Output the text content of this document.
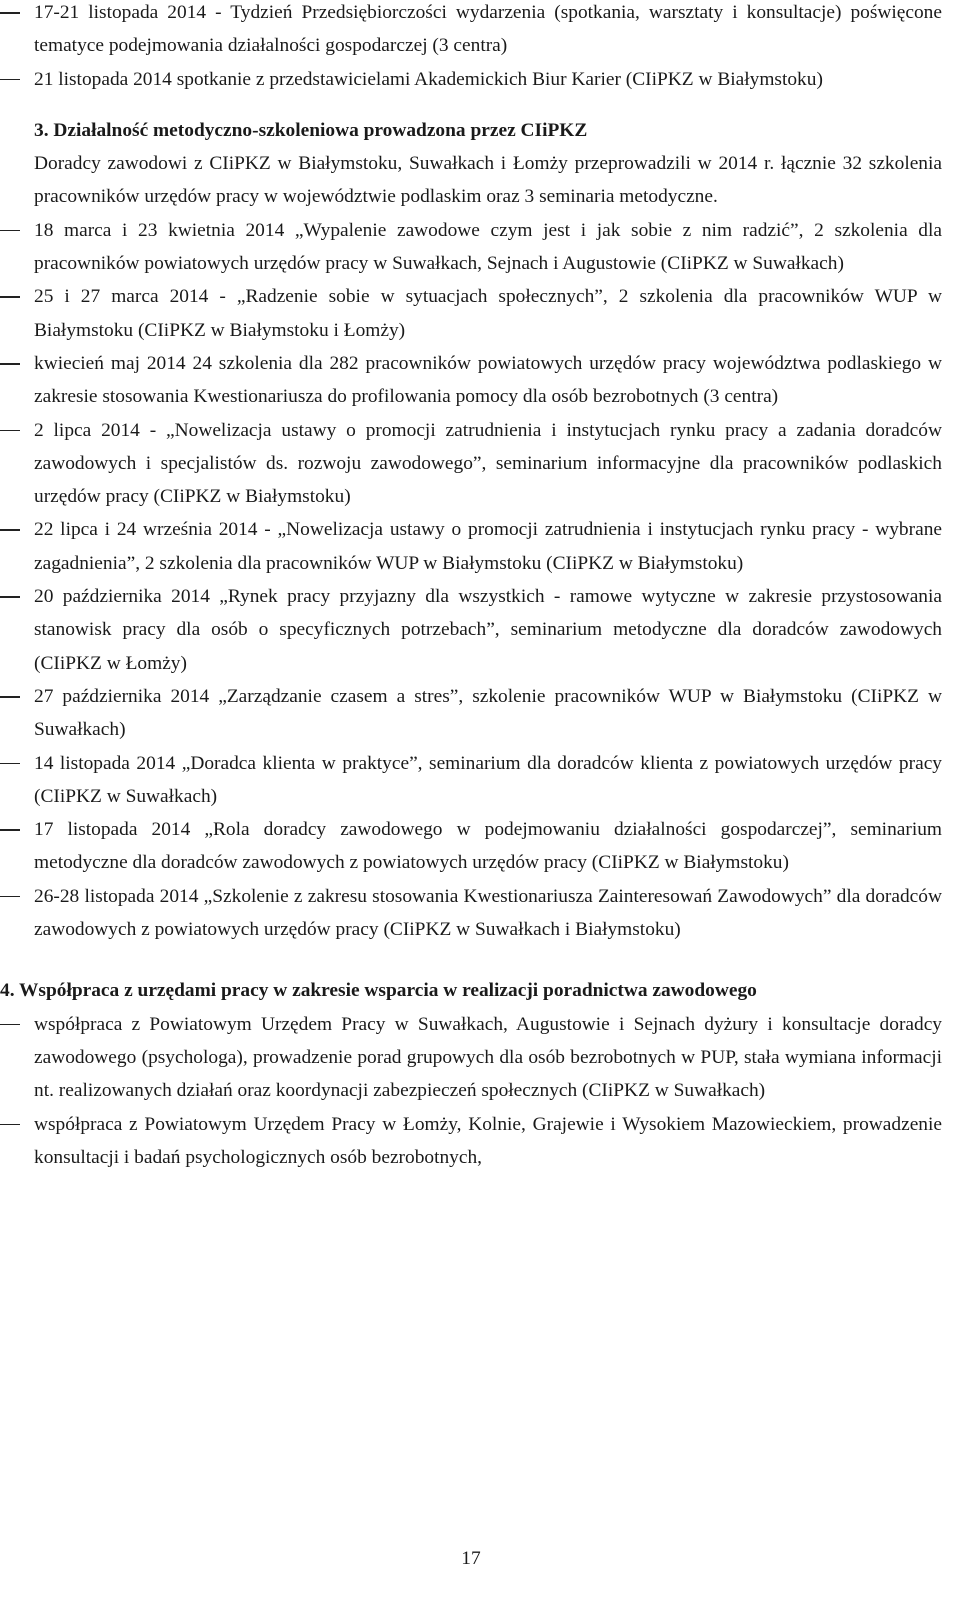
17-21 listopada 2014 - Tydzień Przedsiębiorczości wydarzenia (spotkania, warsztaty i konsultacje) poświęcone tematyce podejmowania działalności gospodarczej (3 centra)
21 listopada 2014 spotkanie z przedstawicielami Akademickich Biur Karier (CIiPKZ w Białymstoku)

3. Działalność metodyczno-szkoleniowa prowadzona przez CIiPKZ

Doradcy zawodowi z CIiPKZ w Białymstoku, Suwałkach i Łomży przeprowadzili w 2014 r. łącznie 32 szkolenia pracowników urzędów pracy w województwie podlaskim oraz 3 seminaria metodyczne.

18 marca i 23 kwietnia 2014 „Wypalenie zawodowe czym jest i jak sobie z nim radzić”, 2 szkolenia dla pracowników powiatowych urzędów pracy w Suwałkach, Sejnach i Augustowie (CIiPKZ w Suwałkach)
25 i 27 marca 2014 - „Radzenie sobie w sytuacjach społecznych”, 2 szkolenia dla pracowników WUP w Białymstoku (CIiPKZ w Białymstoku i Łomży)
kwiecień maj 2014 24 szkolenia dla 282 pracowników powiatowych urzędów pracy województwa podlaskiego w zakresie stosowania Kwestionariusza do profilowania pomocy dla osób bezrobotnych (3 centra)
2 lipca 2014 - „Nowelizacja ustawy o promocji zatrudnienia i instytucjach rynku pracy a zadania doradców zawodowych i specjalistów ds. rozwoju zawodowego”, seminarium informacyjne dla pracowników podlaskich urzędów pracy (CIiPKZ w Białymstoku)
22 lipca i 24 września 2014 - „Nowelizacja ustawy o promocji zatrudnienia i instytucjach rynku pracy - wybrane zagadnienia”, 2 szkolenia dla pracowników WUP w Białymstoku (CIiPKZ w Białymstoku)
20 października 2014 „Rynek pracy przyjazny dla wszystkich - ramowe wytyczne w zakresie przystosowania stanowisk pracy dla osób o specyficznych potrzebach”, seminarium metodyczne dla doradców zawodowych (CIiPKZ w Łomży)
27 października 2014 „Zarządzanie czasem a stres”, szkolenie pracowników WUP w Białymstoku (CIiPKZ w Suwałkach)
14 listopada 2014 „Doradca klienta w praktyce”, seminarium dla doradców klienta z powiatowych urzędów pracy (CIiPKZ w Suwałkach)
17 listopada 2014 „Rola doradcy zawodowego w podejmowaniu działalności gospodarczej”, seminarium metodyczne dla doradców zawodowych z powiatowych urzędów pracy (CIiPKZ w Białymstoku)
26-28 listopada 2014 „Szkolenie z zakresu stosowania Kwestionariusza Zainteresowań Zawodowych” dla doradców zawodowych z powiatowych urzędów pracy (CIiPKZ w Suwałkach i Białymstoku)

4. Współpraca z urzędami pracy w zakresie wsparcia w realizacji poradnictwa zawodowego

współpraca z Powiatowym Urzędem Pracy w Suwałkach, Augustowie i Sejnach dyżury i konsultacje doradcy zawodowego (psychologa), prowadzenie porad grupowych dla osób bezrobotnych w PUP, stała wymiana informacji nt. realizowanych działań oraz koordynacji zabezpieczeń społecznych (CIiPKZ w Suwałkach)
współpraca z Powiatowym Urzędem Pracy w Łomży, Kolnie, Grajewie i Wysokiem Mazowieckiem, prowadzenie konsultacji i badań psychologicznych osób bezrobotnych,
17
